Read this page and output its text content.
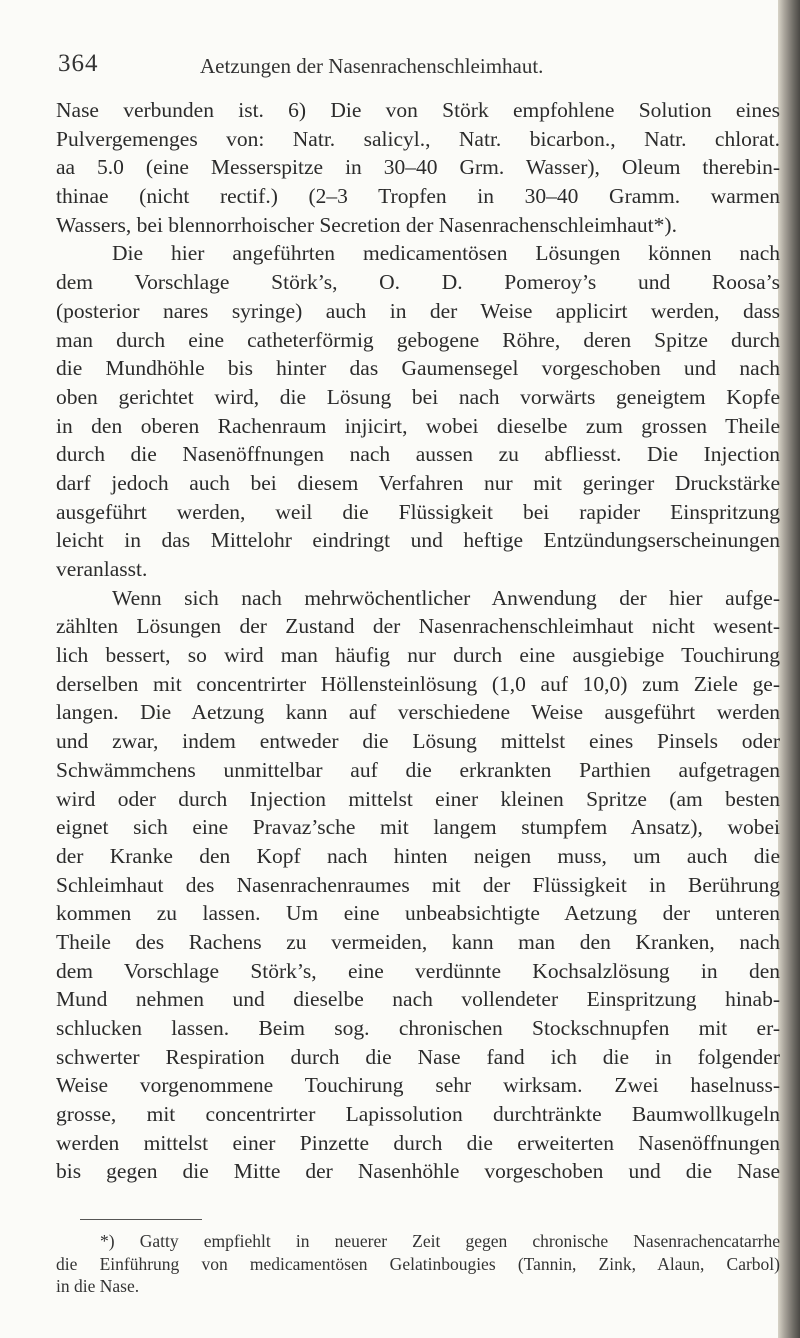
364	Aetzungen der Nasenrachenschleimhaut.
Nase verbunden ist. 6) Die von Störk empfohlene Solution eines
Pulvergemenges von: Natr. salicyl., Natr. bicarbon., Natr. chlorat.
aa 5.0 (eine Messerspitze in 30–40 Grm. Wasser), Oleum therebin-
thinae (nicht rectif.) (2–3 Tropfen in 30–40 Gramm. warmen
Wassers, bei blennorrhoischer Secretion der Nasenrachenschleimhaut*).
Die hier angeführten medicamentösen Lösungen können nach
dem Vorschlage Störk’s, O. D. Pomeroy’s und Roosa’s
(posterior nares syringe) auch in der Weise applicirt werden, dass
man durch eine catheterförmig gebogene Röhre, deren Spitze durch
die Mundhöhle bis hinter das Gaumensegel vorgeschoben und nach
oben gerichtet wird, die Lösung bei nach vorwärts geneigtem Kopfe
in den oberen Rachenraum injicirt, wobei dieselbe zum grossen Theile
durch die Nasenöffnungen nach aussen zu abfliesst. Die Injection
darf jedoch auch bei diesem Verfahren nur mit geringer Druckstärke
ausgeführt werden, weil die Flüssigkeit bei rapider Einspritzung
leicht in das Mittelohr eindringt und heftige Entzündungserscheinungen
veranlasst.
Wenn sich nach mehrwöchentlicher Anwendung der hier aufge-
zählten Lösungen der Zustand der Nasenrachenschleimhaut nicht wesent-
lich bessert, so wird man häufig nur durch eine ausgiebige Touchirung
derselben mit concentrirter Höllensteinlösung (1,0 auf 10,0) zum Ziele ge-
langen. Die Aetzung kann auf verschiedene Weise ausgeführt werden
und zwar, indem entweder die Lösung mittelst eines Pinsels oder
Schwämmchens unmittelbar auf die erkrankten Parthien aufgetragen
wird oder durch Injection mittelst einer kleinen Spritze (am besten
eignet sich eine Pravaz’sche mit langem stumpfem Ansatz), wobei
der Kranke den Kopf nach hinten neigen muss, um auch die
Schleimhaut des Nasenrachenraumes mit der Flüssigkeit in Berührung
kommen zu lassen. Um eine unbeabsichtigte Aetzung der unteren
Theile des Rachens zu vermeiden, kann man den Kranken, nach
dem Vorschlage Störk’s, eine verdünnte Kochsalzlösung in den
Mund nehmen und dieselbe nach vollendeter Einspritzung hinab-
schlucken lassen. Beim sog. chronischen Stockschnupfen mit er-
schwerter Respiration durch die Nase fand ich die in folgender
Weise vorgenommene Touchirung sehr wirksam. Zwei haselnuss-
grosse, mit concentrirter Lapissolution durchtränkte Baumwollkugeln
werden mittelst einer Pinzette durch die erweiterten Nasenöffnungen
bis gegen die Mitte der Nasenhöhle vorgeschoben und die Nase
*) Gatty empfiehlt in neuerer Zeit gegen chronische Nasenrachencatarrhe
die Einführung von medicamentösen Gelatinbougies (Tannin, Zink, Alaun, Carbol)
in die Nase.
